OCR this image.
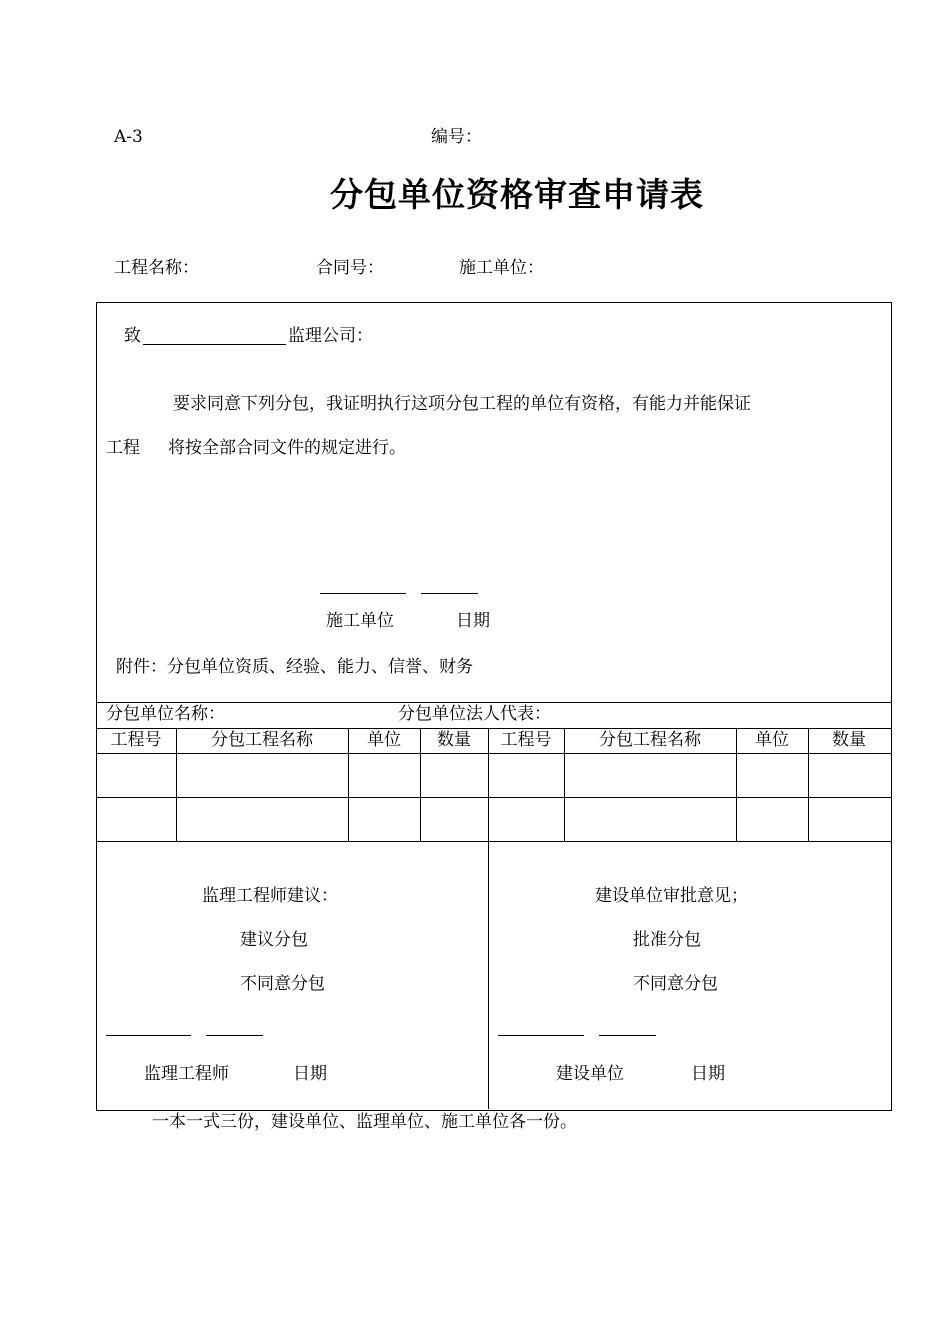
A-3	编号：
分包单位资格审查申请表
工程名称：	合同号：	施工单位：
致	监理公司：
要求同意下列分包，我证明执行这项分包工程的单位有资格，有能力并能保证
工程 将按全部合同文件的规定进行。
施工单位	日期
附件：分包单位资质、经验、能力、信誉、财务
分包单位名称：	分包单位法人代表：
工程号	分包工程名称	单位	数量	工程号	分包工程名称	单位	数量
监理工程师建议：
建议分包
不同意分包
监理工程师	日期
建设单位审批意见；
批准分包
不同意分包
建设单位	日期
一本一式三份，建设单位、监理单位、施工单位各一份。
